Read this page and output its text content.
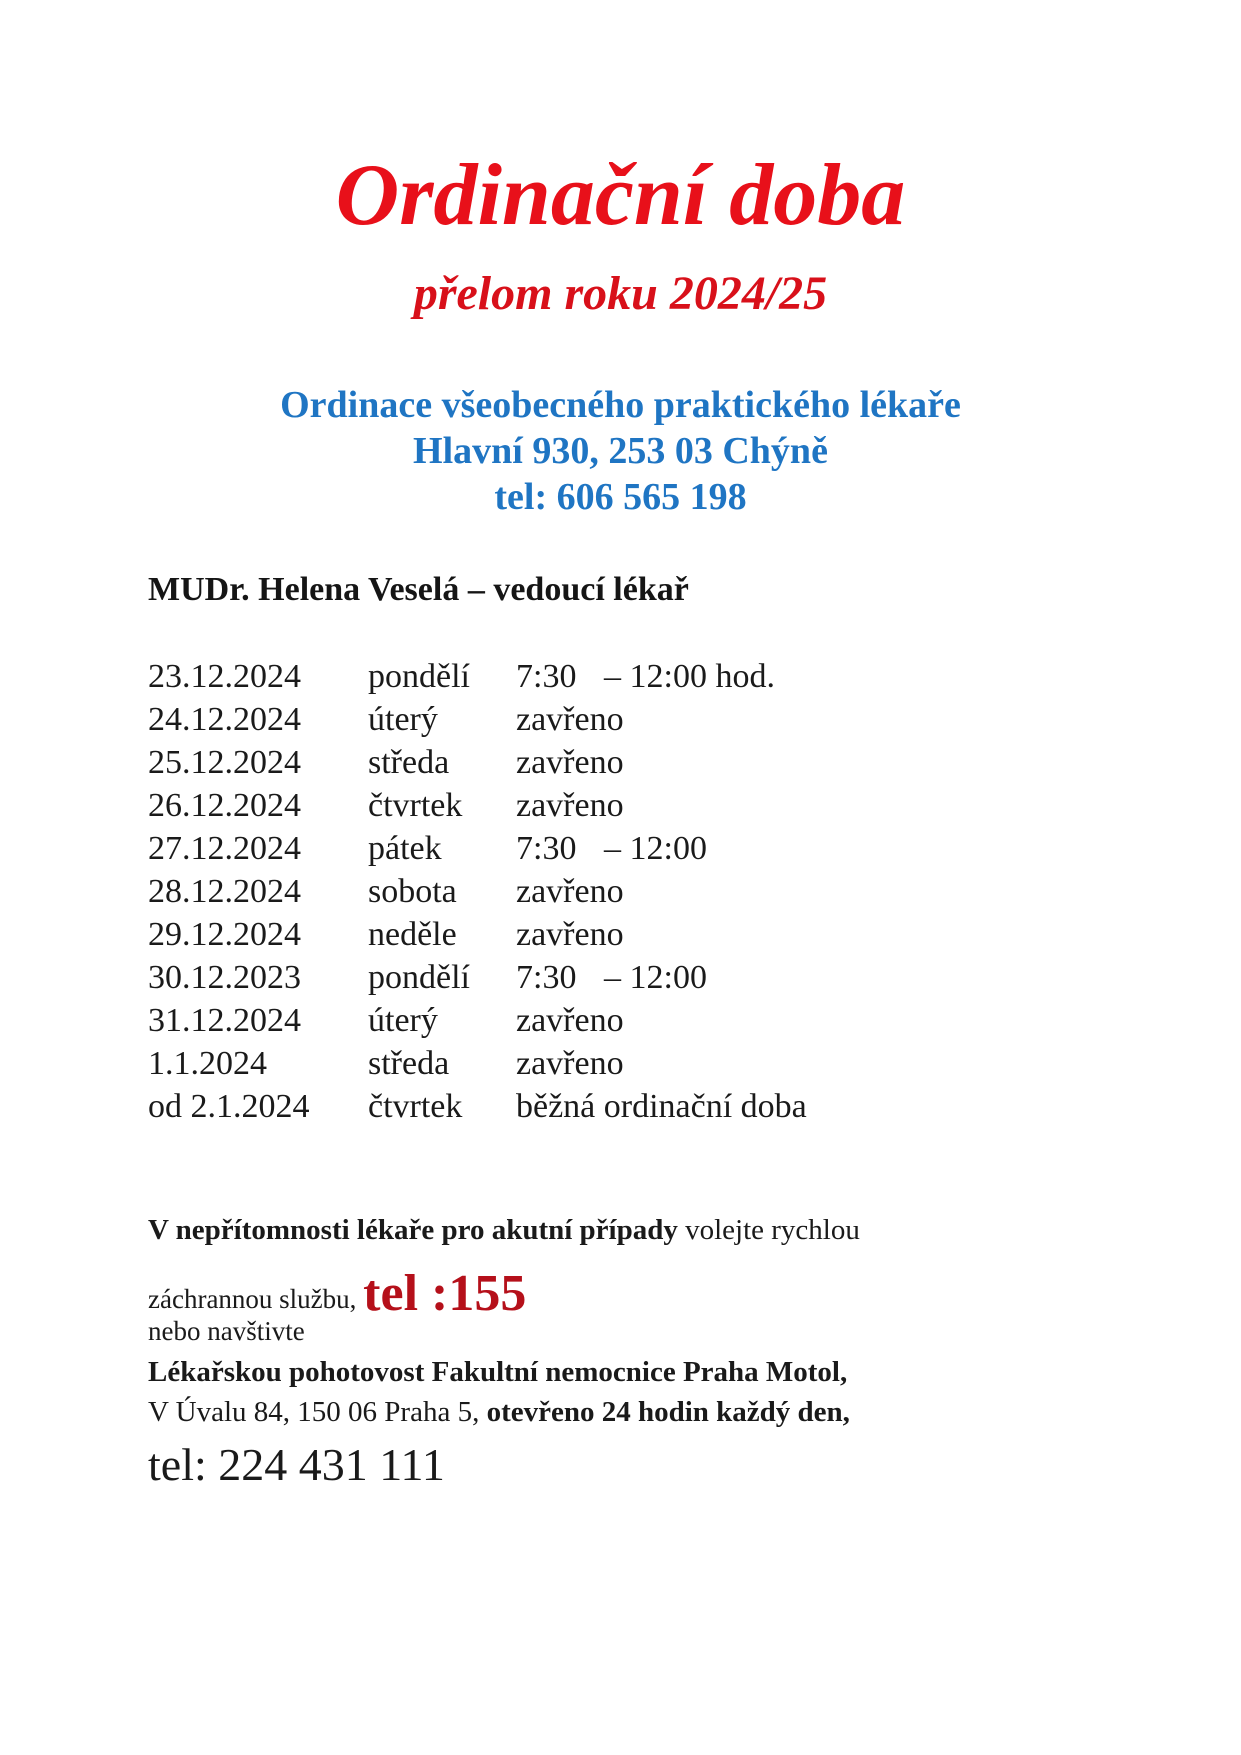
Ordinační doba
přelom roku 2024/25
Ordinace všeobecného praktického lékaře
Hlavní 930, 253 03 Chýně
tel: 606 565 198
MUDr. Helena Veselá – vedoucí lékař
23.12.2024	pondělí	7:30 – 12:00 hod.
24.12.2024	úterý	zavřeno
25.12.2024	středa	zavřeno
26.12.2024	čtvrtek	zavřeno
27.12.2024	pátek	7:30 – 12:00
28.12.2024	sobota	zavřeno
29.12.2024	neděle	zavřeno
30.12.2023	pondělí	7:30 – 12:00
31.12.2024	úterý	zavřeno
1.1.2024	středa	zavřeno
od 2.1.2024	čtvrtek	běžná ordinační doba
V nepřítomnosti lékaře pro akutní případy volejte rychlou
záchrannou službu, tel :155
nebo navštivte
Lékařskou pohotovost Fakultní nemocnice Praha Motol,
V Úvalu 84, 150 06 Praha 5, otevřeno 24 hodin každý den,
tel: 224 431 111
